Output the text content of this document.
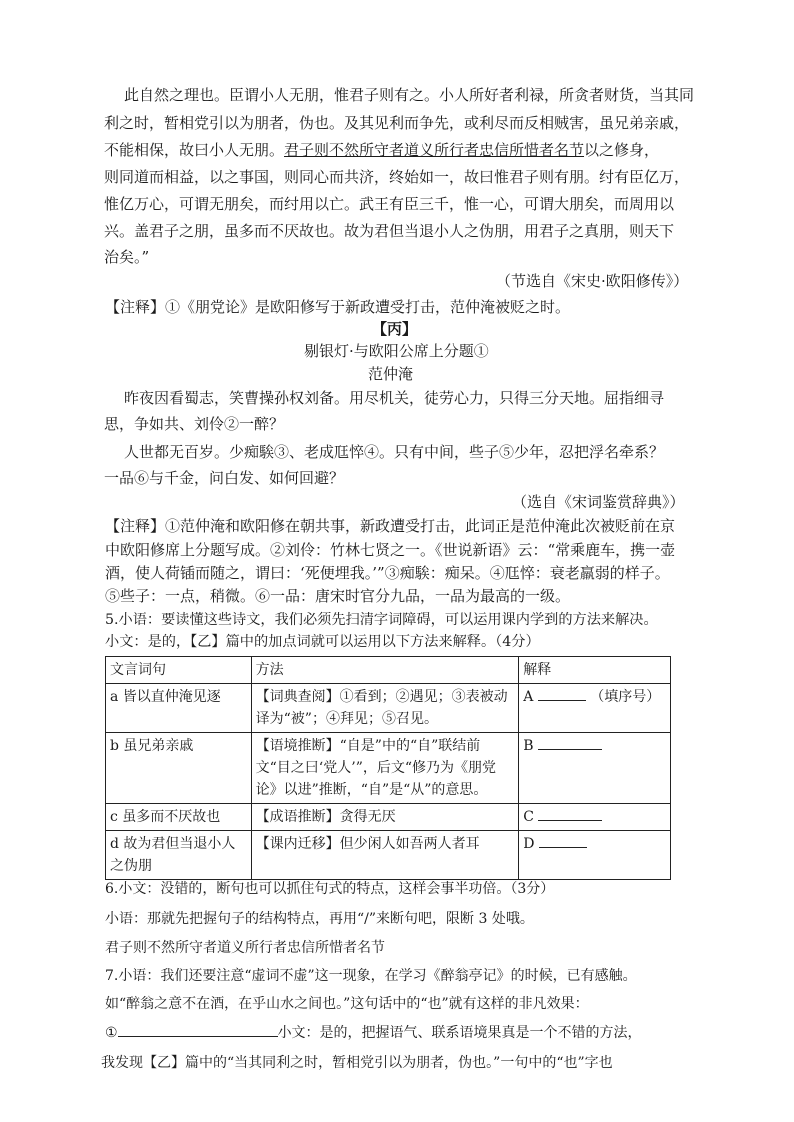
此自然之理也。臣谓小人无朋，惟君子则有之。小人所好者利禄，所贪者财货，当其同
利之时，暂相党引以为朋者，伪也。及其见利而争先，或利尽而反相贼害，虽兄弟亲戚，
不能相保，故曰小人无朋。君子则不然所守者道义所行者忠信所惜者名节以之修身，
则同道而相益，以之事国，则同心而共济，终始如一，故曰惟君子则有朋。纣有臣亿万，
惟亿万心，可谓无朋矣，而纣用以亡。武王有臣三千，惟一心，可谓大朋矣，而周用以
兴。盖君子之朋，虽多而不厌故也。故为君但当退小人之伪朋，用君子之真朋，则天下
治矣。”
（节选自《宋史·欧阳修传》）
【注释】①《朋党论》是欧阳修写于新政遭受打击，范仲淹被贬之时。
【丙】
剔银灯·与欧阳公席上分题①
范仲淹
昨夜因看蜀志，笑曹操孙权刘备。用尽机关，徒劳心力，只得三分天地。屈指细寻
思，争如共、刘伶②一醉？
人世都无百岁。少痴騃③、老成尫悴④。只有中间，些子⑤少年，忍把浮名牵系？
一品⑥与千金，问白发、如何回避？
（选自《宋词鉴赏辞典》）
【注释】①范仲淹和欧阳修在朝共事，新政遭受打击，此词正是范仲淹此次被贬前在京
中欧阳修席上分题写成。②刘伶：竹林七贤之一。《世说新语》云：“常乘鹿车，携一壶
酒，使人荷锸而随之，谓曰：‘死便埋我。’”③痴騃：痴呆。④尫悴：衰老羸弱的样子。
⑤些子：一点，稍微。⑥一品：唐宋时官分九品，一品为最高的一级。
5.小语：要读懂这些诗文，我们必须先扫清字词障碍，可以运用课内学到的方法来解决。
小文：是的，【乙】篇中的加点词就可以运用以下方法来解释。（4分）
文言词句	方法	解释
a 皆以直仲淹见逐	【词典查阅】①看到；②遇见；③表被动译为“被”；④拜见；⑤召见。	A （填序号）
b 虽兄弟亲戚	【语境推断】“自是”中的“自”联结前文“目之曰‘党人’”，后文“修乃为《朋党论》以进”推断，“自”是“从”的意思。	B
c 虽多而不厌故也	【成语推断】贪得无厌	C
d 故为君但当退小人之伪朋	【课内迁移】但少闲人如吾两人者耳	D
6.小文：没错的，断句也可以抓住句式的特点，这样会事半功倍。（3分）
小语：那就先把握句子的结构特点，再用“/”来断句吧，限断 3 处哦。
君子则不然所守者道义所行者忠信所惜者名节
7.小语：我们还要注意“虚词不虚”这一现象，在学习《醉翁亭记》的时候，已有感触。
如“醉翁之意不在酒，在乎山水之间也。”这句话中的“也”就有这样的非凡效果：
①	小文：是的，把握语气、联系语境果真是一个不错的方法，
我发现【乙】篇中的“当其同利之时，暂相党引以为朋者，伪也。”一句中的“也”字也
